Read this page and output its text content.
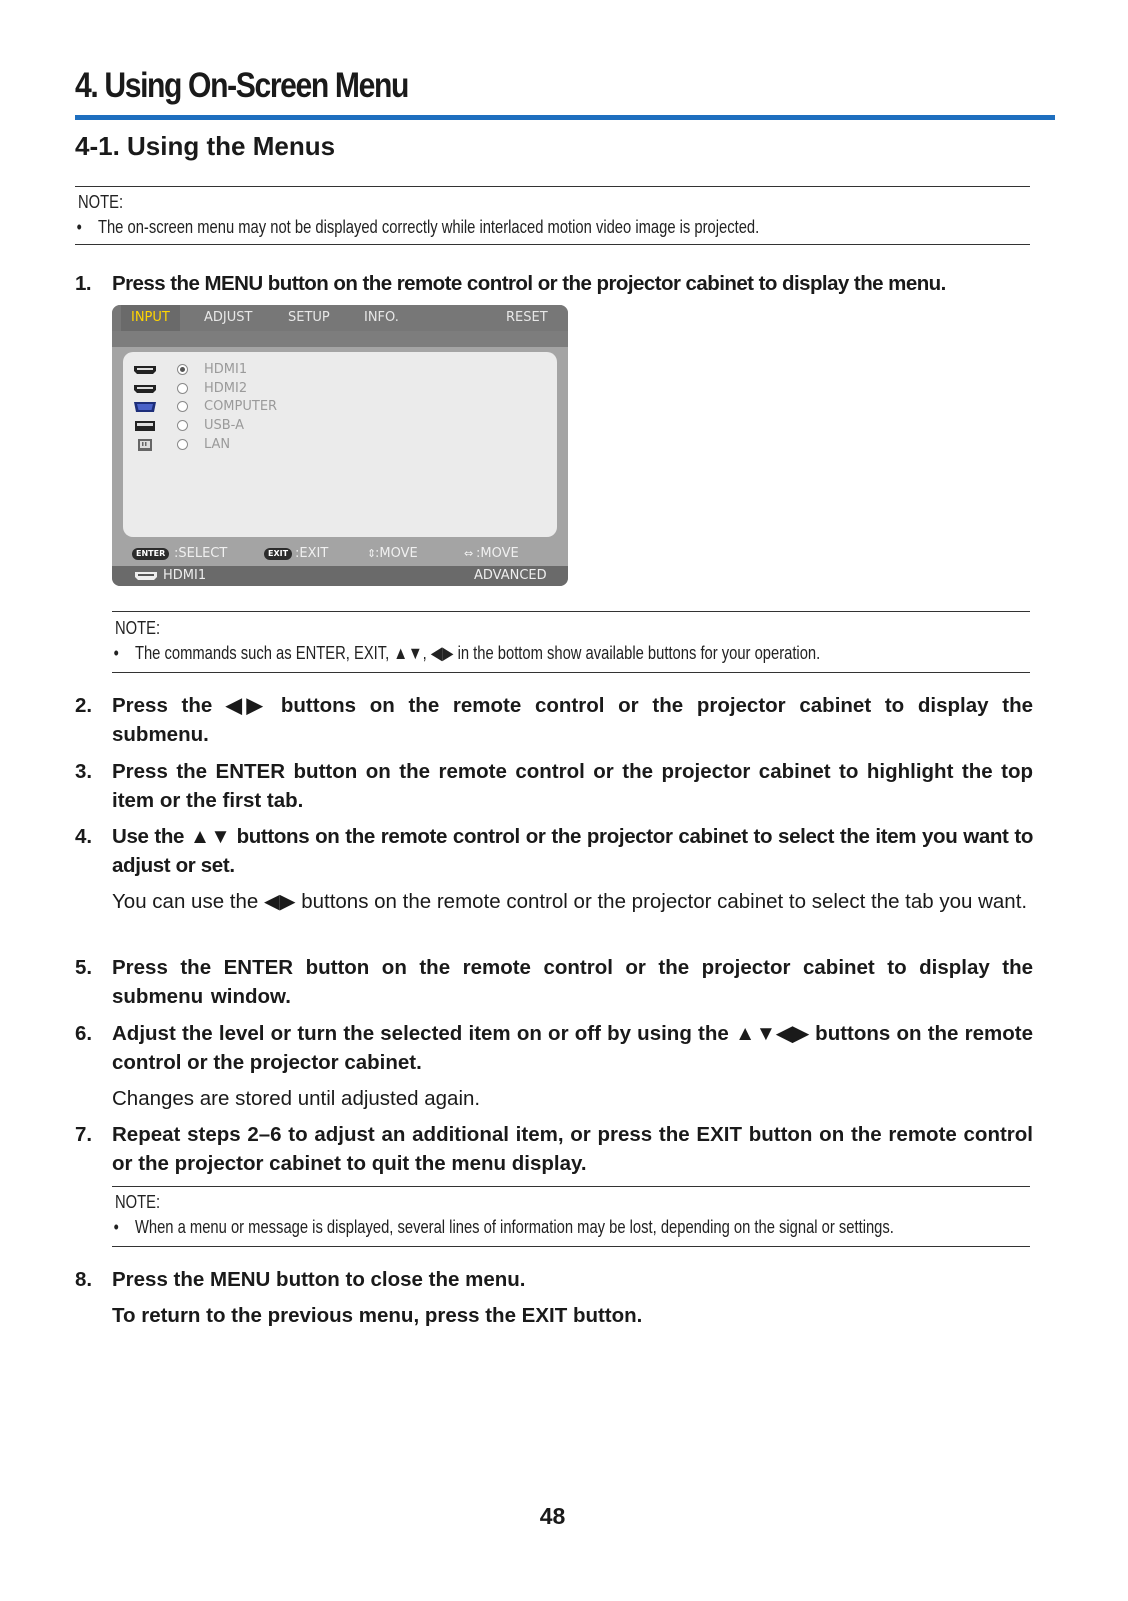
4. Using On-Screen Menu
4-1. Using the Menus
NOTE:
• The on-screen menu may not be displayed correctly while interlaced motion video image is projected.
1. Press the MENU button on the remote control or the projector cabinet to display the menu.
INPUT	ADJUST	SETUP	INFO.	RESET
HDMI1
HDMI2
COMPUTER
USB-A
LAN
ENTER :SELECT	EXIT :EXIT	⇕
:MOVE	⇔ :MOVE
HDMI1	ADVANCED
NOTE:
• The commands such as ENTER, EXIT, ▲▼, ◀▶ in the bottom show available buttons for your operation.
2. Press the ◀▶ buttons on the remote control or the projector cabinet to display the submenu.
3. Press the ENTER button on the remote control or the projector cabinet to highlight the top item or the first tab.
4. Use the ▲▼ buttons on the remote control or the projector cabinet to select the item you want to adjust or set.
You can use the ◀▶ buttons on the remote control or the projector cabinet to select the tab you want.
5. Press the ENTER button on the remote control or the projector cabinet to display the submenu window.
6. Adjust the level or turn the selected item on or off by using the ▲▼◀▶ buttons on the remote control or the projector cabinet.
Changes are stored until adjusted again.
7. Repeat steps 2–6 to adjust an additional item, or press the EXIT button on the remote control or the projector cabinet to quit the menu display.
NOTE:
• When a menu or message is displayed, several lines of information may be lost, depending on the signal or settings.
8. Press the MENU button to close the menu.
To return to the previous menu, press the EXIT button.
48
